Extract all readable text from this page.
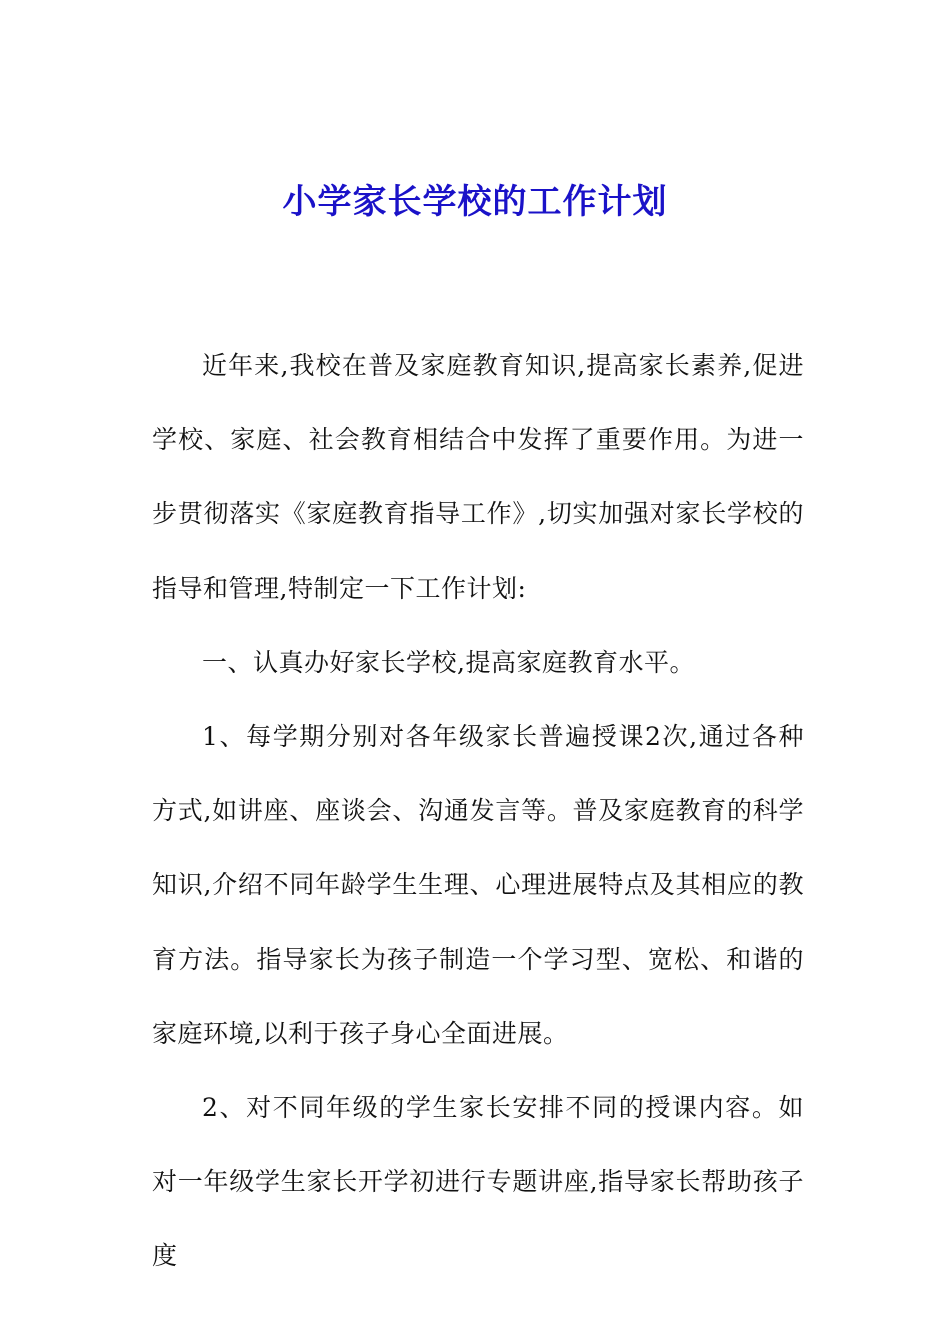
小学家长学校的工作计划

近年来,我校在普及家庭教育知识,提高家长素养,促进学校、家庭、社会教育相结合中发挥了重要作用。为进一步贯彻落实《家庭教育指导工作》,切实加强对家长学校的指导和管理,特制定一下工作计划:

一、认真办好家长学校,提高家庭教育水平。

1、每学期分别对各年级家长普遍授课2次,通过各种方式,如讲座、座谈会、沟通发言等。普及家庭教育的科学知识,介绍不同年龄学生生理、心理进展特点及其相应的教育方法。指导家长为孩子制造一个学习型、宽松、和谐的家庭环境,以利于孩子身心全面进展。

2、对不同年级的学生家长安排不同的授课内容。如对一年级学生家长开学初进行专题讲座,指导家长帮助孩子度
